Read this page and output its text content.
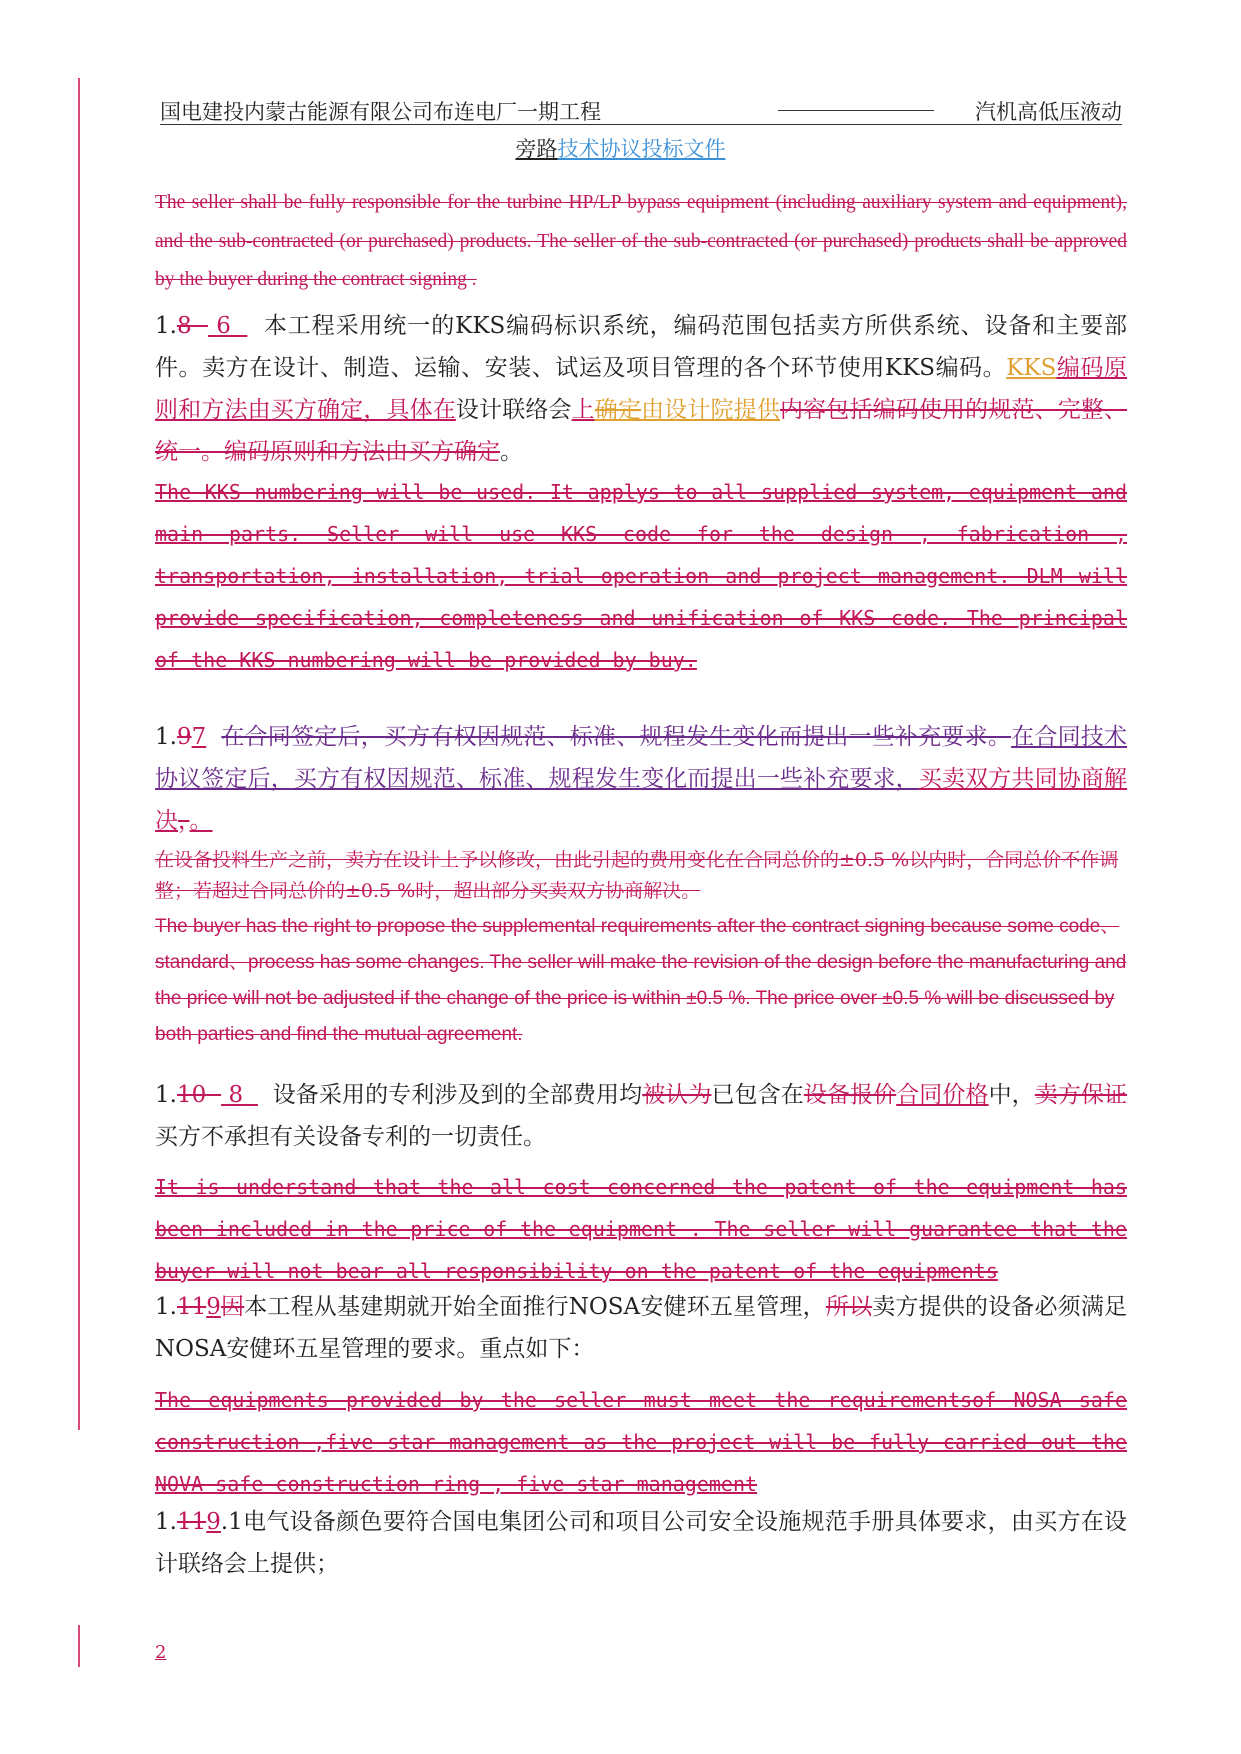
国电建投内蒙古能源有限公司布连电厂一期工程	汽机高低压液动
旁路技术协议投标文件
The seller shall be fully responsible for the turbine HP/LP bypass equipment (including auxiliary system and equipment), and the sub-contracted (or purchased) products. The seller of the sub-contracted (or purchased) products shall be approved by the buyer during the contract signing .
1.8 6 本工程采用统一的KKS编码标识系统，编码范围包括卖方所供系统、设备和主要部件。卖方在设计、制造、运输、安装、试运及项目管理的各个环节使用KKS编码。KKS编码原则和方法由买方确定，具体在设计联络会上确定由设计院提供内容包括编码使用的规范、完整、统一。编码原则和方法由买方确定。
The KKS numbering will be used. It applys to all supplied system, equipment and main parts. Seller will use KKS code for the design , fabrication , transportation, installation, trial operation and project management. DLM will provide specification, completeness and unification of KKS code. The principal of the KKS numbering will be provided by buy.
1.97 在合同签定后，买方有权因规范、标准、规程发生变化而提出一些补充要求。在合同技术协议签定后，买方有权因规范、标准、规程发生变化而提出一些补充要求，买卖双方共同协商解决，。
在设备投料生产之前，卖方在设计上予以修改，由此引起的费用变化在合同总价的±0.5 %以内时，合同总价不作调整；若超过合同总价的±0.5 %时，超出部分买卖双方协商解决。
The buyer has the right to propose the supplemental requirements after the contract signing because some code、standard、process has some changes. The seller will make the revision of the design before the manufacturing and the price will not be adjusted if the change of the price is within ±0.5 %. The price over ±0.5 % will be discussed by both parties and find the mutual agreement.
1.10 8 设备采用的专利涉及到的全部费用均被认为已包含在设备报价合同价格中，卖方保证买方不承担有关设备专利的一切责任。
It is understand that the all cost concerned the patent of the equipment has been included in the price of the equipment . The seller will guarantee that the buyer will not bear all responsibility on the patent of the equipments
1.119因本工程从基建期就开始全面推行NOSA安健环五星管理，所以卖方提供的设备必须满足NOSA安健环五星管理的要求。重点如下：
The equipments provided by the seller must meet the requirementsof NOSA safe construction ,five star management as the project will be fully carried out the NOVA safe construction ring , five star management
1.119.1电气设备颜色要符合国电集团公司和项目公司安全设施规范手册具体要求，由买方在设计联络会上提供；
2
